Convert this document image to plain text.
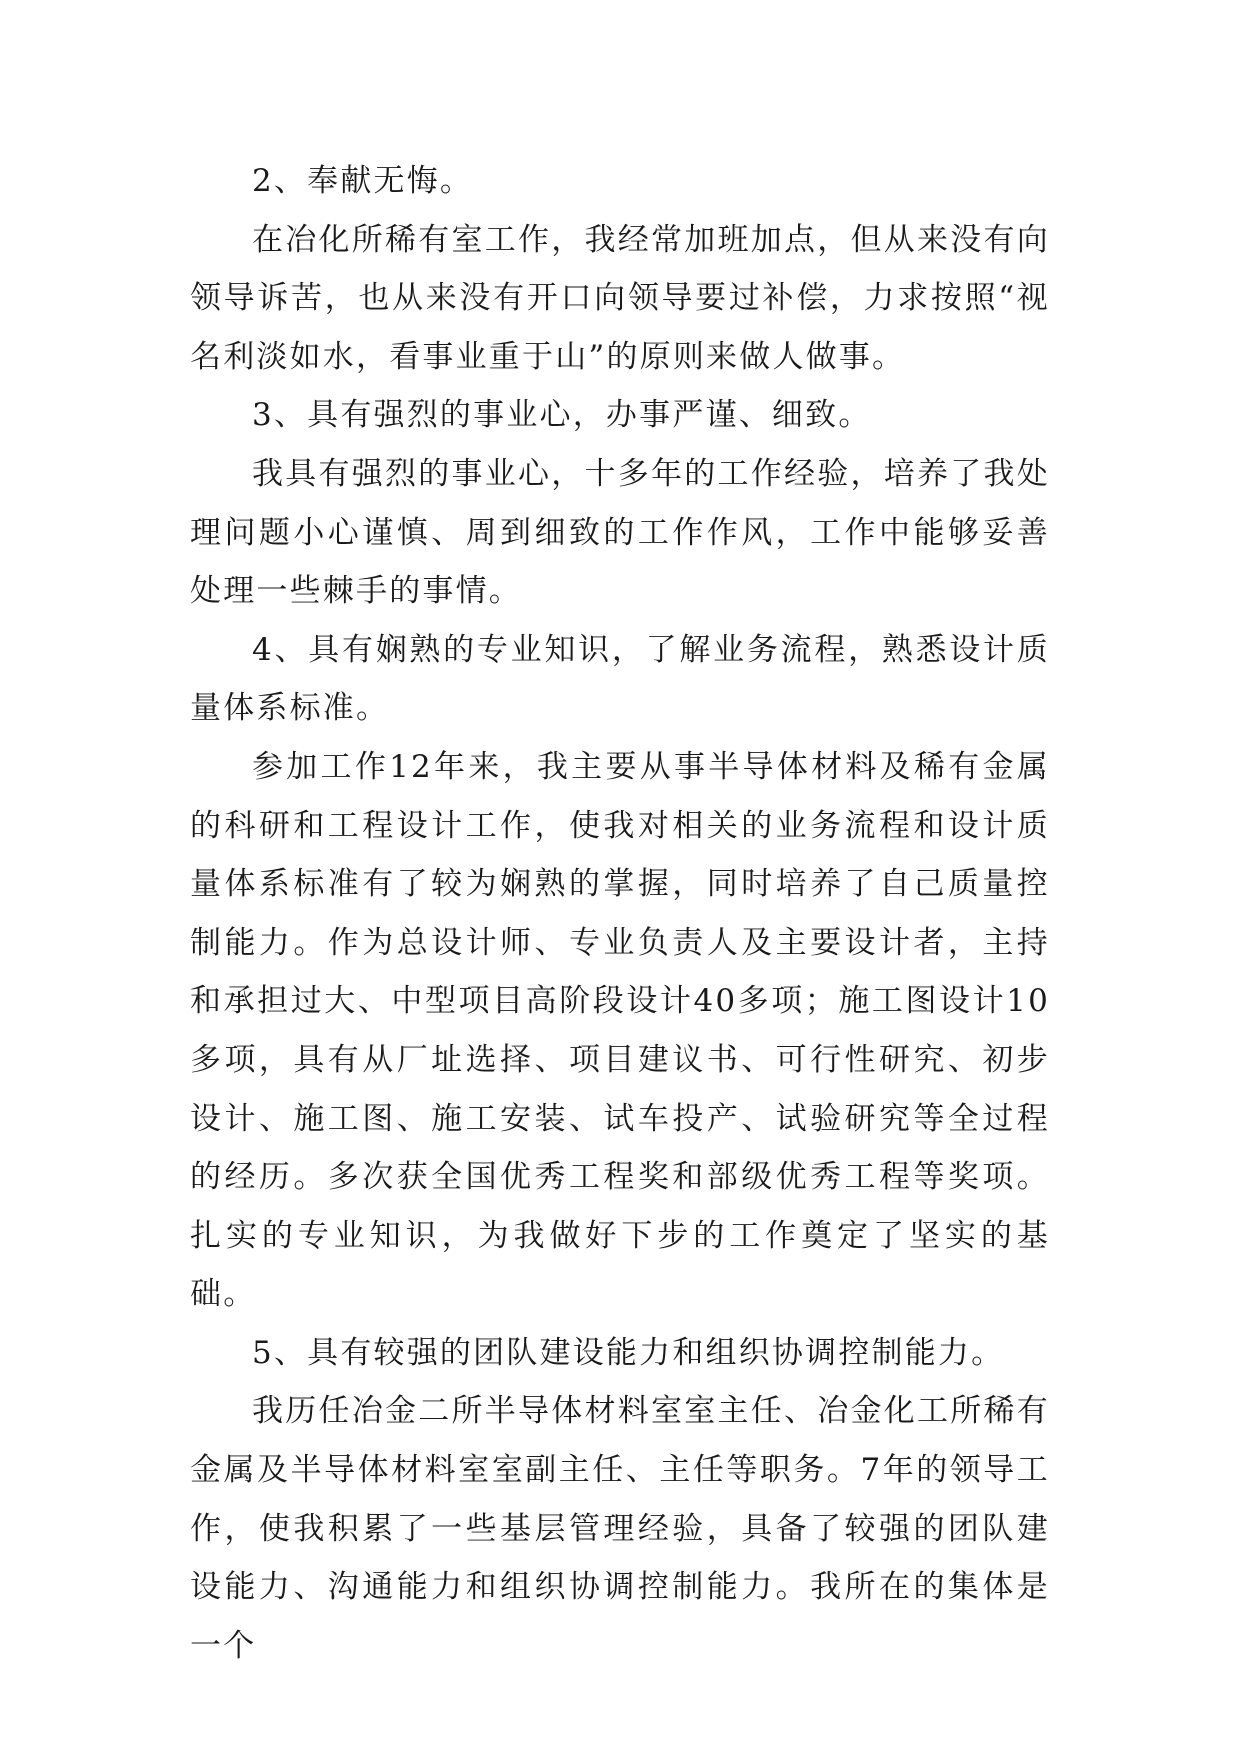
2、奉献无悔。

在冶化所稀有室工作，我经常加班加点，但从来没有向领导诉苦，也从来没有开口向领导要过补偿，力求按照“视名利淡如水，看事业重于山”的原则来做人做事。

3、具有强烈的事业心，办事严谨、细致。

我具有强烈的事业心，十多年的工作经验，培养了我处理问题小心谨慎、周到细致的工作作风，工作中能够妥善处理一些棘手的事情。

4、具有娴熟的专业知识，了解业务流程，熟悉设计质量体系标准。

参加工作12年来，我主要从事半导体材料及稀有金属的科研和工程设计工作，使我对相关的业务流程和设计质量体系标准有了较为娴熟的掌握，同时培养了自己质量控制能力。作为总设计师、专业负责人及主要设计者，主持和承担过大、中型项目高阶段设计40多项；施工图设计10多项，具有从厂址选择、项目建议书、可行性研究、初步设计、施工图、施工安装、试车投产、试验研究等全过程的经历。多次获全国优秀工程奖和部级优秀工程等奖项。扎实的专业知识，为我做好下步的工作奠定了坚实的基础。

5、具有较强的团队建设能力和组织协调控制能力。

我历任冶金二所半导体材料室室主任、冶金化工所稀有金属及半导体材料室室副主任、主任等职务。7年的领导工作，使我积累了一些基层管理经验，具备了较强的团队建设能力、沟通能力和组织协调控制能力。我所在的集体是一个
